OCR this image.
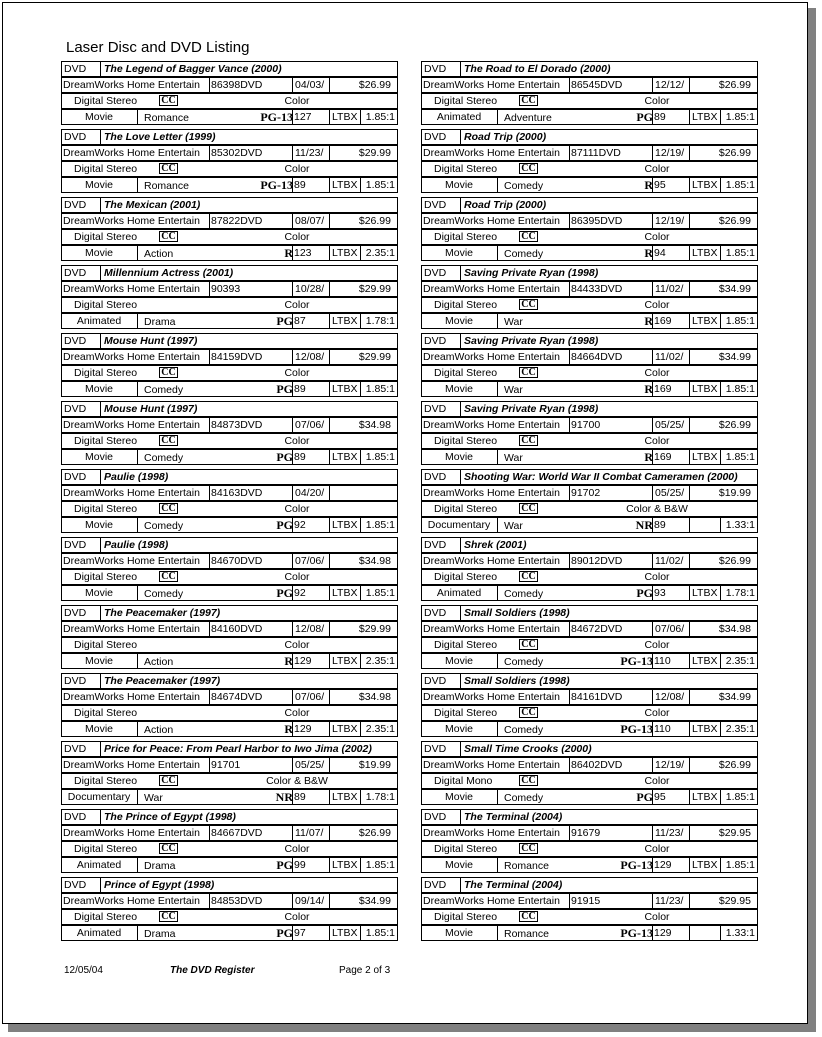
Laser Disc and DVD Listing
DVD	The Legend of Bagger Vance (2000)
DreamWorks Home Entertain	86398DVD	04/03/	$26.99
Digital Stereo	CC	Color
Movie	Romance	PG-13 127	LTBX 1.85:1
DVD	The Love Letter (1999)
DreamWorks Home Entertain	85302DVD	11/23/	$29.99
Digital Stereo	CC	Color
Movie	Romance	PG-13 89	LTBX 1.85:1
DVD	The Mexican (2001)
DreamWorks Home Entertain	87822DVD	08/07/	$26.99
Digital Stereo	CC	Color
Movie	Action	R 123	LTBX 2.35:1
DVD	Millennium Actress (2001)
DreamWorks Home Entertain	90393	10/28/	$29.99
Digital Stereo	Color
Animated	Drama	PG 87	LTBX 1.78:1
DVD	Mouse Hunt (1997)
DreamWorks Home Entertain	84159DVD	12/08/	$29.99
Digital Stereo	CC	Color
Movie	Comedy	PG 89	LTBX 1.85:1
DVD	Mouse Hunt (1997)
DreamWorks Home Entertain	84873DVD	07/06/	$34.98
Digital Stereo	CC	Color
Movie	Comedy	PG 89	LTBX 1.85:1
DVD	Paulie (1998)
DreamWorks Home Entertain	84163DVD	04/20/
Digital Stereo	CC	Color
Movie	Comedy	PG 92	LTBX 1.85:1
DVD	Paulie (1998)
DreamWorks Home Entertain	84670DVD	07/06/	$34.98
Digital Stereo	CC	Color
Movie	Comedy	PG 92	LTBX 1.85:1
DVD	The Peacemaker (1997)
DreamWorks Home Entertain	84160DVD	12/08/	$29.99
Digital Stereo	Color
Movie	Action	R 129	LTBX 2.35:1
DVD	The Peacemaker (1997)
DreamWorks Home Entertain	84674DVD	07/06/	$34.98
Digital Stereo	Color
Movie	Action	R 129	LTBX 2.35:1
DVD	Price for Peace: From Pearl Harbor to Iwo Jima (2002)
DreamWorks Home Entertain	91701	05/25/	$19.99
Digital Stereo	CC	Color & B&W
Documentary	War	NR 89	LTBX 1.78:1
DVD	The Prince of Egypt (1998)
DreamWorks Home Entertain	84667DVD	11/07/	$26.99
Digital Stereo	CC	Color
Animated	Drama	PG 99	LTBX 1.85:1
DVD	Prince of Egypt (1998)
DreamWorks Home Entertain	84853DVD	09/14/	$34.99
Digital Stereo	CC	Color
Animated	Drama	PG 97	LTBX 1.85:1
DVD	The Road to El Dorado (2000)
DreamWorks Home Entertain	86545DVD	12/12/	$26.99
Digital Stereo	CC	Color
Animated	Adventure	PG 89	LTBX 1.85:1
DVD	Road Trip (2000)
DreamWorks Home Entertain	87111DVD	12/19/	$26.99
Digital Stereo	CC	Color
Movie	Comedy	R 95	LTBX 1.85:1
DVD	Road Trip (2000)
DreamWorks Home Entertain	86395DVD	12/19/	$26.99
Digital Stereo	CC	Color
Movie	Comedy	R 94	LTBX 1.85:1
DVD	Saving Private Ryan (1998)
DreamWorks Home Entertain	84433DVD	11/02/	$34.99
Digital Stereo	CC	Color
Movie	War	R 169	LTBX 1.85:1
DVD	Saving Private Ryan (1998)
DreamWorks Home Entertain	84664DVD	11/02/	$34.99
Digital Stereo	CC	Color
Movie	War	R 169	LTBX 1.85:1
DVD	Saving Private Ryan (1998)
DreamWorks Home Entertain	91700	05/25/	$26.99
Digital Stereo	CC	Color
Movie	War	R 169	LTBX 1.85:1
DVD	Shooting War: World War II Combat Cameramen (2000)
DreamWorks Home Entertain	91702	05/25/	$19.99
Digital Stereo	CC	Color & B&W
Documentary	War	NR 89	1.33:1
DVD	Shrek (2001)
DreamWorks Home Entertain	89012DVD	11/02/	$26.99
Digital Stereo	CC	Color
Animated	Comedy	PG 93	LTBX 1.78:1
DVD	Small Soldiers (1998)
DreamWorks Home Entertain	84672DVD	07/06/	$34.98
Digital Stereo	CC	Color
Movie	Comedy	PG-13 110	LTBX 2.35:1
DVD	Small Soldiers (1998)
DreamWorks Home Entertain	84161DVD	12/08/	$34.99
Digital Stereo	CC	Color
Movie	Comedy	PG-13 110	LTBX 2.35:1
DVD	Small Time Crooks (2000)
DreamWorks Home Entertain	86402DVD	12/19/	$26.99
Digital Mono	CC	Color
Movie	Comedy	PG 95	LTBX 1.85:1
DVD	The Terminal (2004)
DreamWorks Home Entertain	91679	11/23/	$29.95
Digital Stereo	CC	Color
Movie	Romance	PG-13 129	LTBX 1.85:1
DVD	The Terminal (2004)
DreamWorks Home Entertain	91915	11/23/	$29.95
Digital Stereo	CC	Color
Movie	Romance	PG-13 129	1.33:1
12/05/04	The DVD Register	Page 2 of 3
